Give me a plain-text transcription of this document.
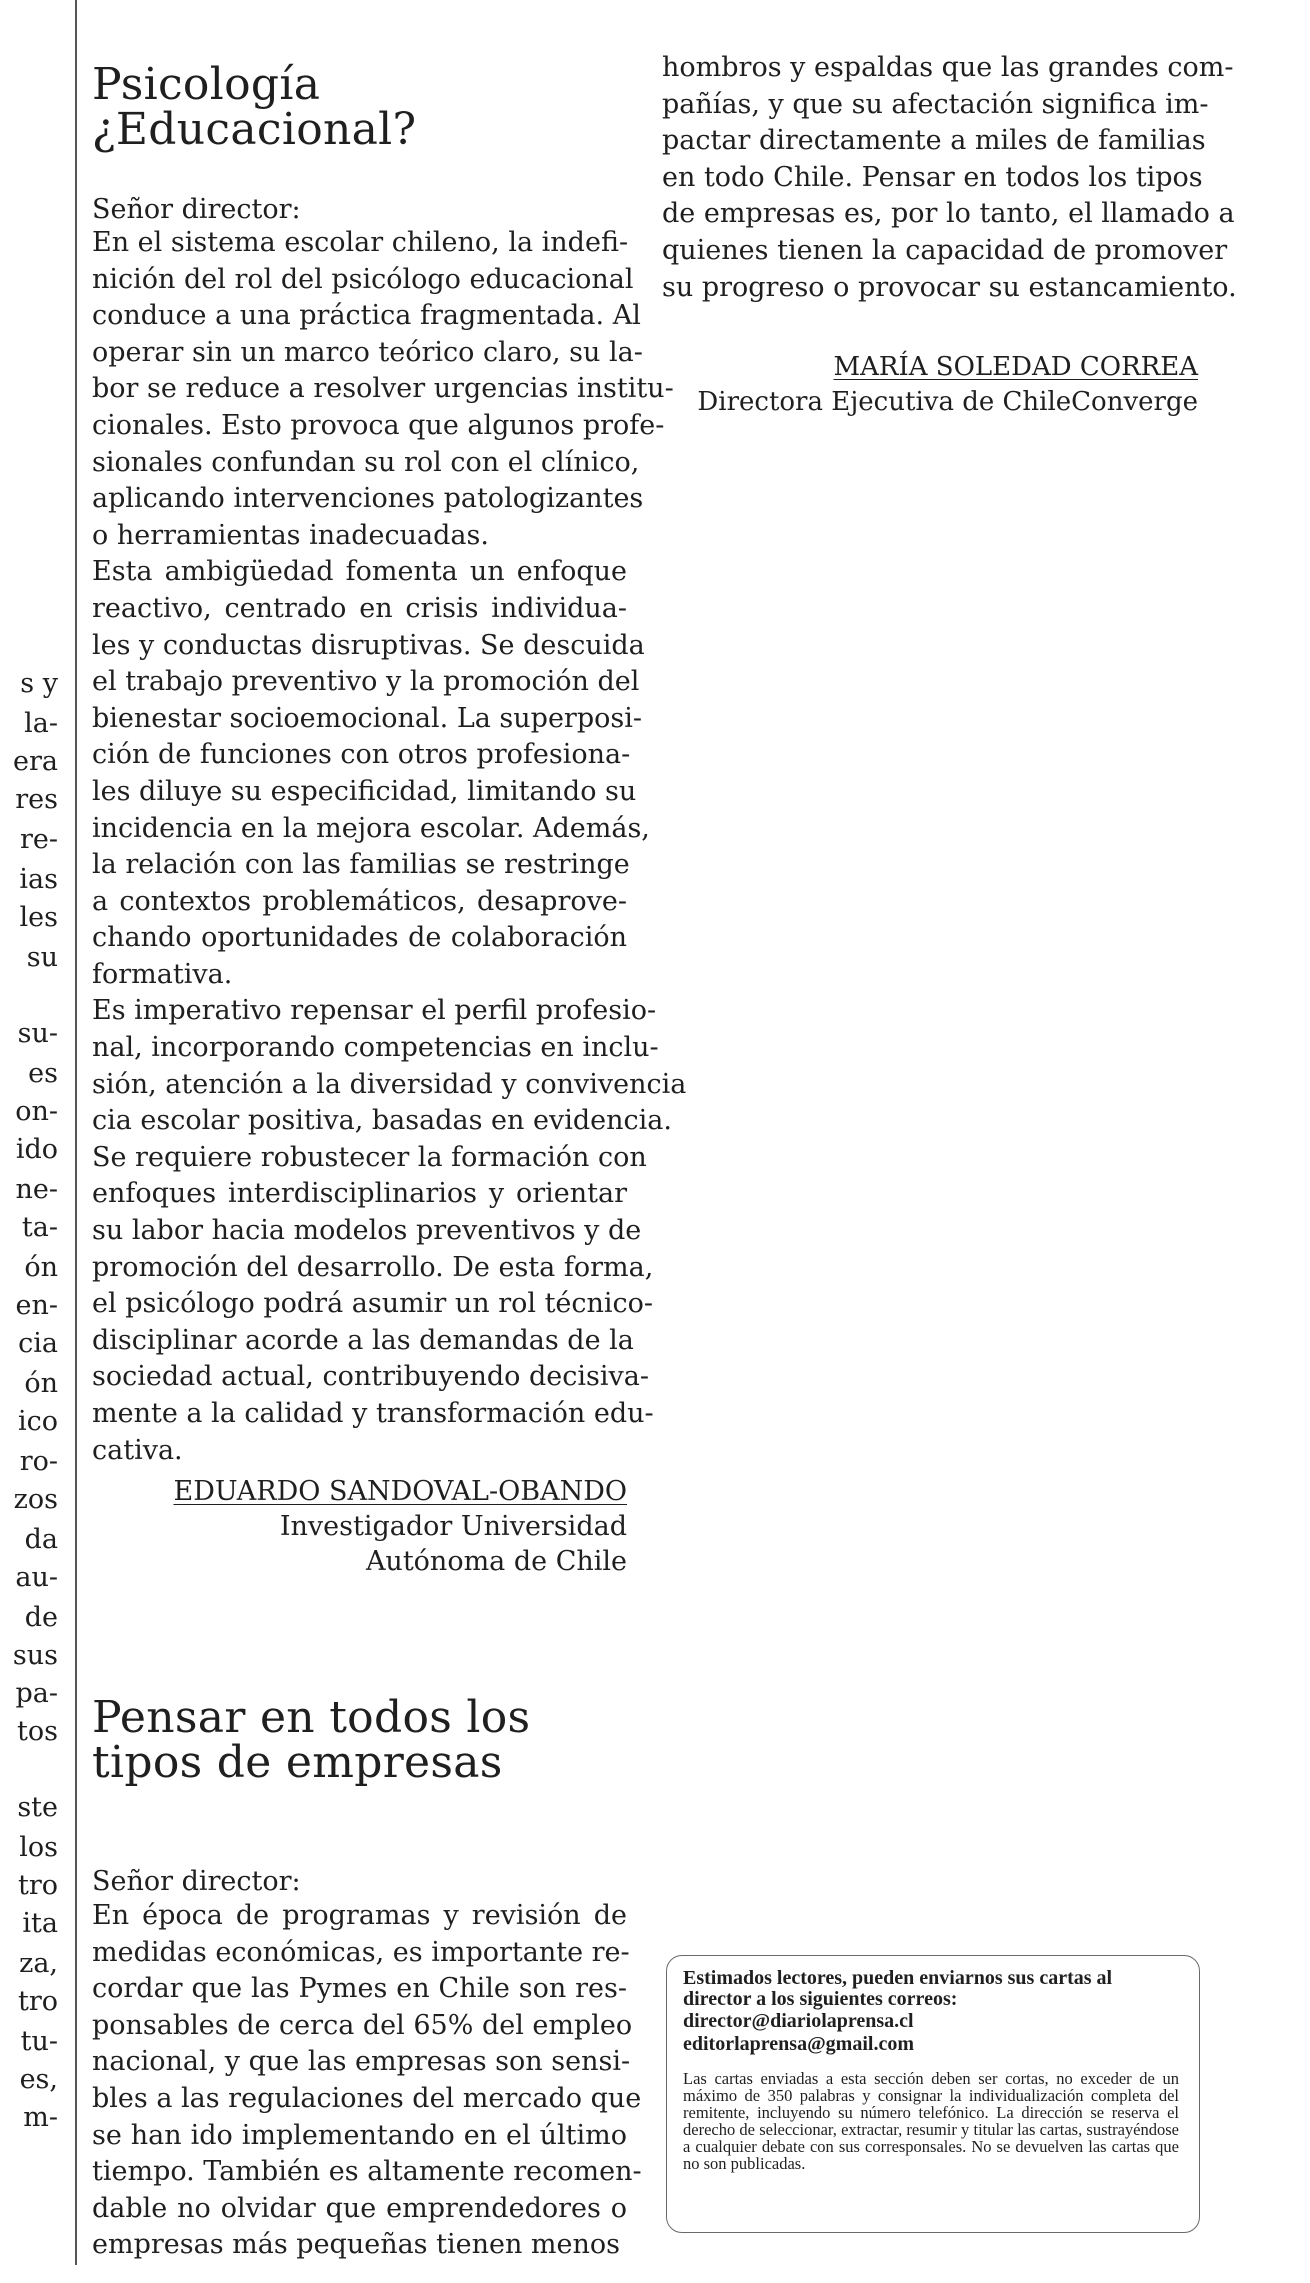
s y
la-
era
res
re-
ias
les
su
su-
es
on-
ido
ne-
ta-
ón
en-
cia
ón
ico
ro-
zos
da
au-
de
sus
pa-
tos
ste
los
tro
ita
za,
tro
tu-
es,
m-
Psicología ¿Educacional?
Señor director:
En el sistema escolar chileno, la indefi-
nición del rol del psicólogo educacional
conduce a una práctica fragmentada. Al
operar sin un marco teórico claro, su la-
bor se reduce a resolver urgencias institu-
cionales. Esto provoca que algunos profe-
sionales confundan su rol con el clínico,
aplicando intervenciones patologizantes
o herramientas inadecuadas.
Esta ambigüedad fomenta un enfoque
reactivo, centrado en crisis individua-
les y conductas disruptivas. Se descuida
el trabajo preventivo y la promoción del
bienestar socioemocional. La superposi-
ción de funciones con otros profesiona-
les diluye su especificidad, limitando su
incidencia en la mejora escolar. Además,
la relación con las familias se restringe
a contextos problemáticos, desaprove-
chando oportunidades de colaboración
formativa.
Es imperativo repensar el perfil profesio-
nal, incorporando competencias en inclu-
sión, atención a la diversidad y convivencia
cia escolar positiva, basadas en evidencia.
Se requiere robustecer la formación con
enfoques interdisciplinarios y orientar
su labor hacia modelos preventivos y de
promoción del desarrollo. De esta forma,
el psicólogo podrá asumir un rol técnico-
disciplinar acorde a las demandas de la
sociedad actual, contribuyendo decisiva-
mente a la calidad y transformación edu-
cativa.
EDUARDO SANDOVAL-OBANDO
Investigador Universidad
Autónoma de Chile
Pensar en todos los
tipos de empresas
Señor director:
En época de programas y revisión de
medidas económicas, es importante re-
cordar que las Pymes en Chile son res-
ponsables de cerca del 65% del empleo
nacional, y que las empresas son sensi-
bles a las regulaciones del mercado que
se han ido implementando en el último
tiempo. También es altamente recomen-
dable no olvidar que emprendedores o
empresas más pequeñas tienen menos
hombros y espaldas que las grandes com-
pañías, y que su afectación significa im-
pactar directamente a miles de familias
en todo Chile. Pensar en todos los tipos
de empresas es, por lo tanto, el llamado a
quienes tienen la capacidad de promover
su progreso o provocar su estancamiento.
MARÍA SOLEDAD CORREA
Directora Ejecutiva de ChileConverge
Estimados lectores, pueden enviarnos sus cartas al director a los siguientes correos:
director@diariolaprensa.cl
editorlaprensa@gmail.com
Las cartas enviadas a esta sección deben ser cortas, no exceder de un máximo de 350 palabras y consignar la individualización completa del remitente, incluyendo su número telefónico. La dirección se reserva el derecho de seleccionar, extractar, resumir y titular las cartas, sustrayéndose a cualquier debate con sus corresponsales. No se devuelven las cartas que no son publicadas.
